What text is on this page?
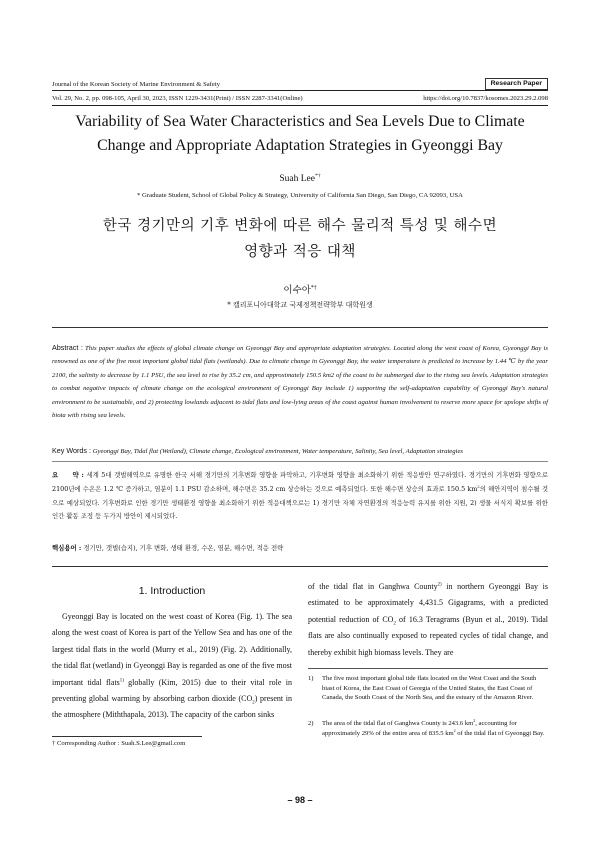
Journal of the Korean Society of Marine Environment & Safety	Research Paper
Vol. 29, No. 2, pp. 098-105, April 30, 2023, ISSN 1229-3431(Print) / ISSN 2287-3341(Online)	https://doi.org/10.7837/kosomes.2023.29.2.098
Variability of Sea Water Characteristics and Sea Levels Due to Climate
Change and Appropriate Adaptation Strategies in Gyeonggi Bay
Suah Lee*†
* Graduate Student, School of Global Policy & Strategy, University of California San Diego, San Diego, CA 92093, USA
한국 경기만의 기후 변화에 따른 해수 물리적 특성 및 해수면
영향과 적응 대책
이수아*†
* 캘리포니아대학교 국제정책전략학부 대학원생
Abstract : This paper studies the effects of global climate change on Gyeonggi Bay and appropriate adaptation strategies. Located along the west coast of Korea, Gyeonggi Bay is renowned as one of the five most important global tidal flats (wetlands). Due to climate change in Gyeonggi Bay, the water temperature is predicted to increase by 1.44 ℃ by the year 2100, the salinity to decrease by 1.1 PSU, the sea level to rise by 35.2 cm, and approximately 150.5 km2 of the coast to be submerged due to the rising sea levels. Adaptation strategies to combat negative impacts of climate change on the ecological environment of Gyeonggi Bay include 1) supporting the self-adaptation capability of Gyeonggi Bay's natural environment to be sustainable, and 2) protecting lowlands adjacent to tidal flats and low-lying areas of the coast against human involvement to reserve more space for upslope shifts of biota with rising sea levels.
Key Words : Gyeonggi Bay, Tidal flat (Wetland), Climate change, Ecological environment, Water temperature, Salinity, Sea level, Adaptation strategies
요　　약 : 세계 5대 갯벌해역으로 유명한 한국 서해 경기만의 기후변화 영향을 파악하고, 기후변화 영향을 최소화하기 위한 적응방안 연구하였다. 경기만의 기후변화 영향으로 2100년에 수온은 1.2 ℃ 증가하고, 염분이 1.1 PSU 감소하며, 해수면은 35.2 cm 상승하는 것으로 예측되었다. 또한 해수면 상승의 효과로 150.5 $km^2$의 해안지역이 침수될 것으로 예상되었다. 기후변화로 인한 경기만 생태환경 영향을 최소화하기 위한 적응대책으로는 1) 경기만 자체 자연환경의 적응능력 유지를 위한 지원, 2) 생물 서식지 확보를 위한 인간 활동 조정 등 두가지 방안이 제시되었다.
핵심용어 : 경기만, 갯벌(습지), 기후 변화, 생태 환경, 수온, 염분, 해수면, 적응 전략
1. Introduction
Gyeonggi Bay is located on the west coast of Korea (Fig. 1). The sea along the west coast of Korea is part of the Yellow Sea and has one of the largest tidal flats in the world (Murry et al., 2019) (Fig. 2). Additionally, the tidal flat (wetland) in Gyeonggi Bay is regarded as one of the five most important tidal flats$^{1)}$ globally (Kim, 2015) due to their vital role in preventing global warming by absorbing carbon dioxide $(CO_2)$ present in the atmosphere (Miththapala, 2013). The capacity of the carbon sinks
† Corresponding Author : Suah.S.Lee@gmail.com
of the tidal flat in Ganghwa County$^{2)}$ in northern Gyeonggi Bay is estimated to be approximately 4,431.5 Gigagrams, with a predicted potential reduction of $CO_2$ of 16.3 Teragrams (Byun et al., 2019). Tidal flats are also continually exposed to repeated cycles of tidal change, and thereby exhibit high biomass levels. They are
1) The five most important global tide flats located on the West Coast and the South biast of Korea, the East Coast of Georgia of the United States, the East Coast of Canada, the South Coast of the North Sea, and the estuary of the Amazon River.
2) The area of the tidal flat of Ganghwa County is 243.6 $km^2$, accounting for approximately 29% of the entire area of 835.5 $km^2$ of the tidal flat of Gyeonggi Bay.
– 98 –
